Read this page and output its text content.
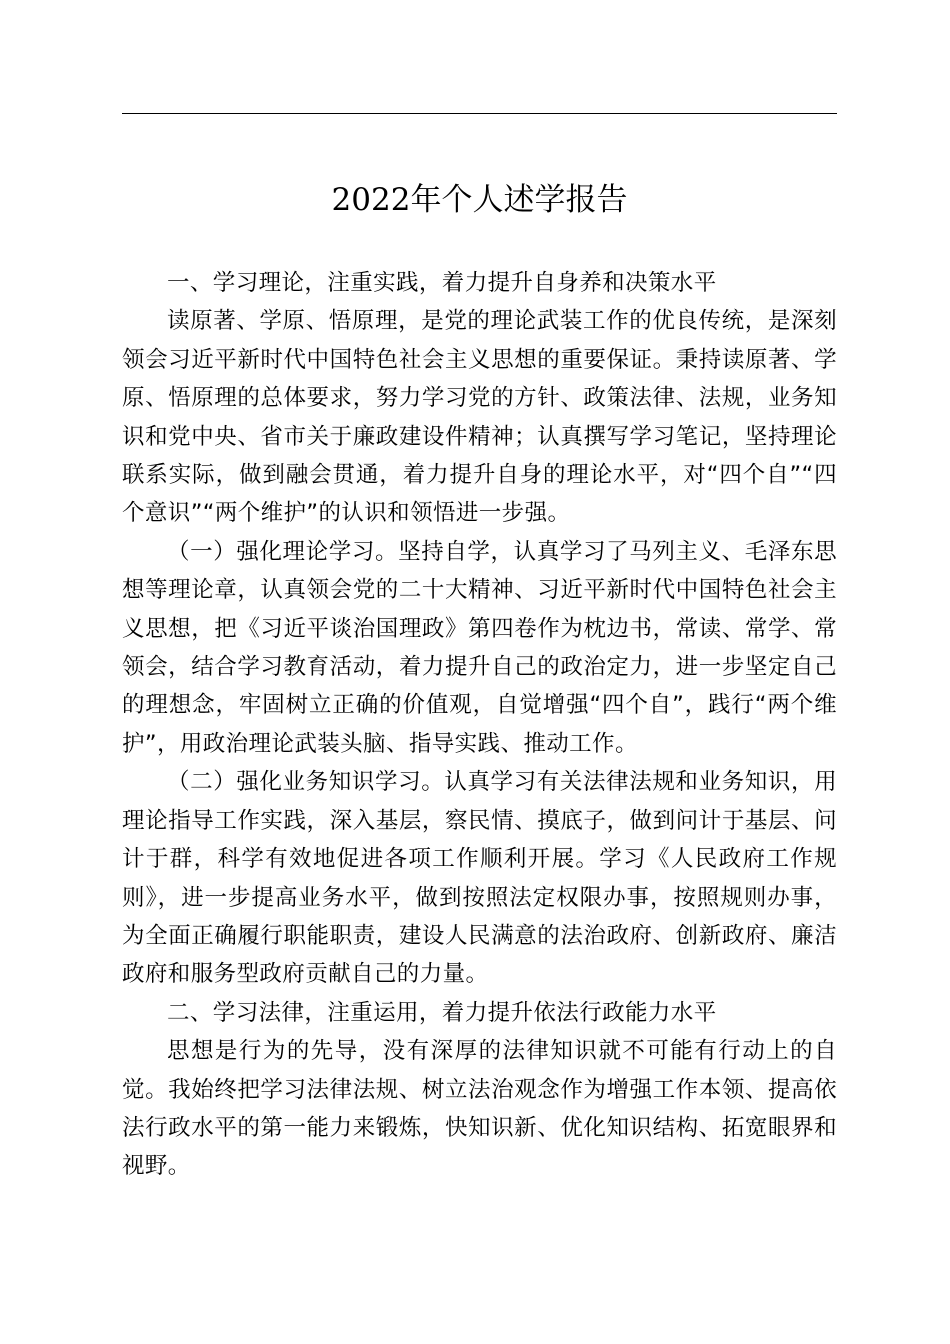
2022年个人述学报告

一、学习理论，注重实践，着力提升自身养和决策水平

读原著、学原、悟原理，是党的理论武装工作的优良传统，是深刻领会习近平新时代中国特色社会主义思想的重要保证。秉持读原著、学原、悟原理的总体要求，努力学习党的方针、政策法律、法规，业务知识和党中央、省市关于廉政建设件精神；认真撰写学习笔记，坚持理论联系实际，做到融会贯通，着力提升自身的理论水平，对“四个自”“四个意识”“两个维护”的认识和领悟进一步强。

（一）强化理论学习。坚持自学，认真学习了马列主义、毛泽东思想等理论章，认真领会党的二十大精神、习近平新时代中国特色社会主义思想，把《习近平谈治国理政》第四卷作为枕边书，常读、常学、常领会，结合学习教育活动，着力提升自己的政治定力，进一步坚定自己的理想念，牢固树立正确的价值观，自觉增强“四个自”，践行“两个维护”，用政治理论武装头脑、指导实践、推动工作。

（二）强化业务知识学习。认真学习有关法律法规和业务知识，用理论指导工作实践，深入基层，察民情、摸底子，做到问计于基层、问计于群，科学有效地促进各项工作顺利开展。学习《人民政府工作规则》，进一步提高业务水平，做到按照法定权限办事，按照规则办事，为全面正确履行职能职责，建设人民满意的法治政府、创新政府、廉洁政府和服务型政府贡献自己的力量。

二、学习法律，注重运用，着力提升依法行政能力水平

思想是行为的先导，没有深厚的法律知识就不可能有行动上的自觉。我始终把学习法律法规、树立法治观念作为增强工作本领、提高依法行政水平的第一能力来锻炼，快知识新、优化知识结构、拓宽眼界和视野。
